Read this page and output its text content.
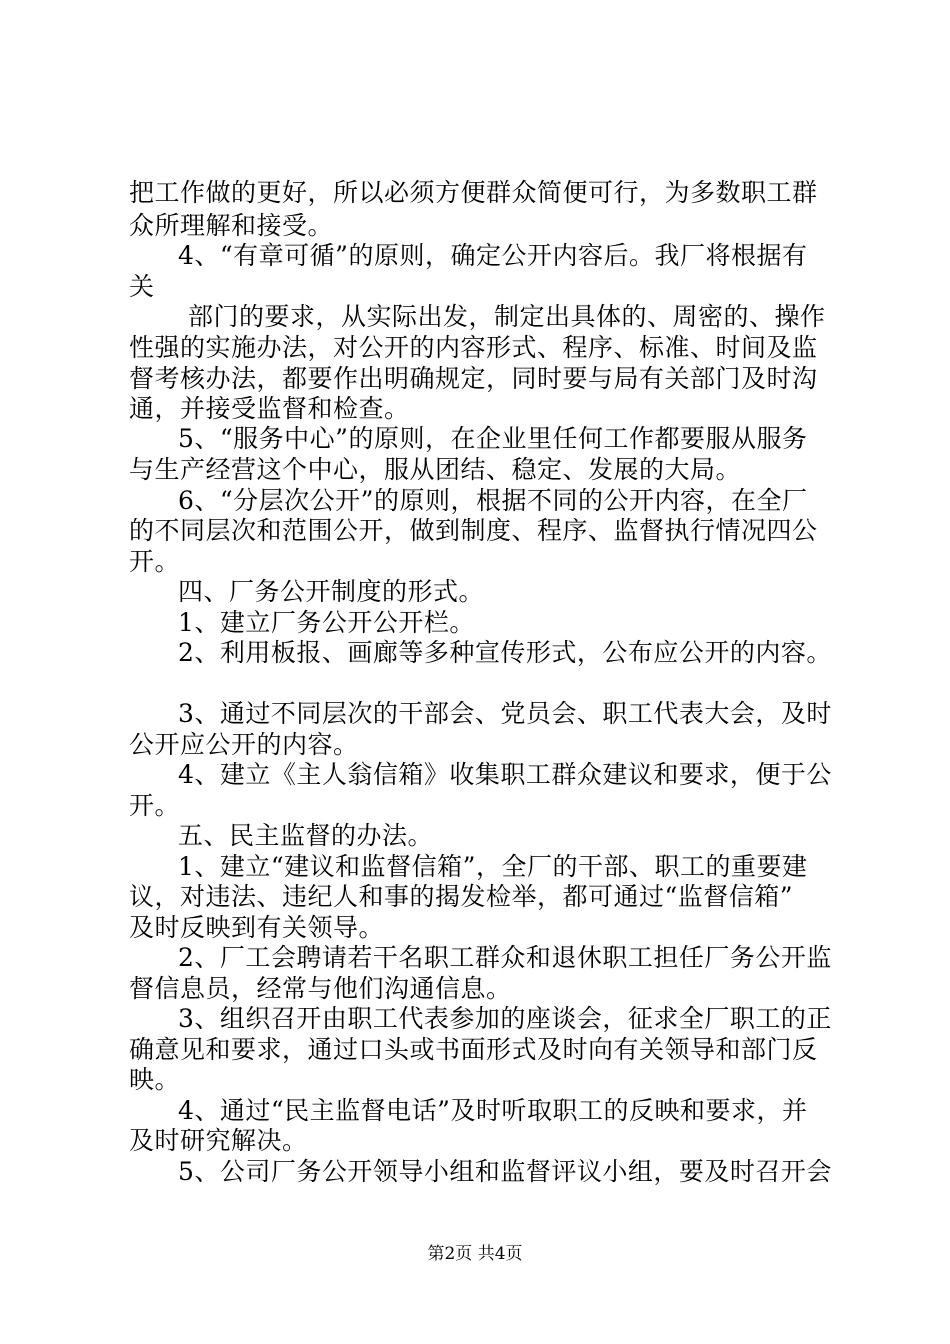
把工作做的更好，所以必须方便群众简便可行，为多数职工群
众所理解和接受。
4、“有章可循”的原则，确定公开内容后。我厂将根据有
关
部门的要求，从实际出发，制定出具体的、周密的、操作
性强的实施办法，对公开的内容形式、程序、标准、时间及监
督考核办法，都要作出明确规定，同时要与局有关部门及时沟
通，并接受监督和检查。
5、“服务中心”的原则，在企业里任何工作都要服从服务
与生产经营这个中心，服从团结、稳定、发展的大局。
6、“分层次公开”的原则，根据不同的公开内容，在全厂
的不同层次和范围公开，做到制度、程序、监督执行情况四公
开。
四、厂务公开制度的形式。
1、建立厂务公开公开栏。
2、利用板报、画廊等多种宣传形式，公布应公开的内容。
3、通过不同层次的干部会、党员会、职工代表大会，及时
公开应公开的内容。
4、建立《主人翁信箱》收集职工群众建议和要求，便于公
开。
五、民主监督的办法。
1、建立“建议和监督信箱”，全厂的干部、职工的重要建
议，对违法、违纪人和事的揭发检举，都可通过“监督信箱”
及时反映到有关领导。
2、厂工会聘请若干名职工群众和退休职工担任厂务公开监
督信息员，经常与他们沟通信息。
3、组织召开由职工代表参加的座谈会，征求全厂职工的正
确意见和要求，通过口头或书面形式及时向有关领导和部门反
映。
4、通过“民主监督电话”及时听取职工的反映和要求，并
及时研究解决。
5、公司厂务公开领导小组和监督评议小组，要及时召开会
第2页 共4页
